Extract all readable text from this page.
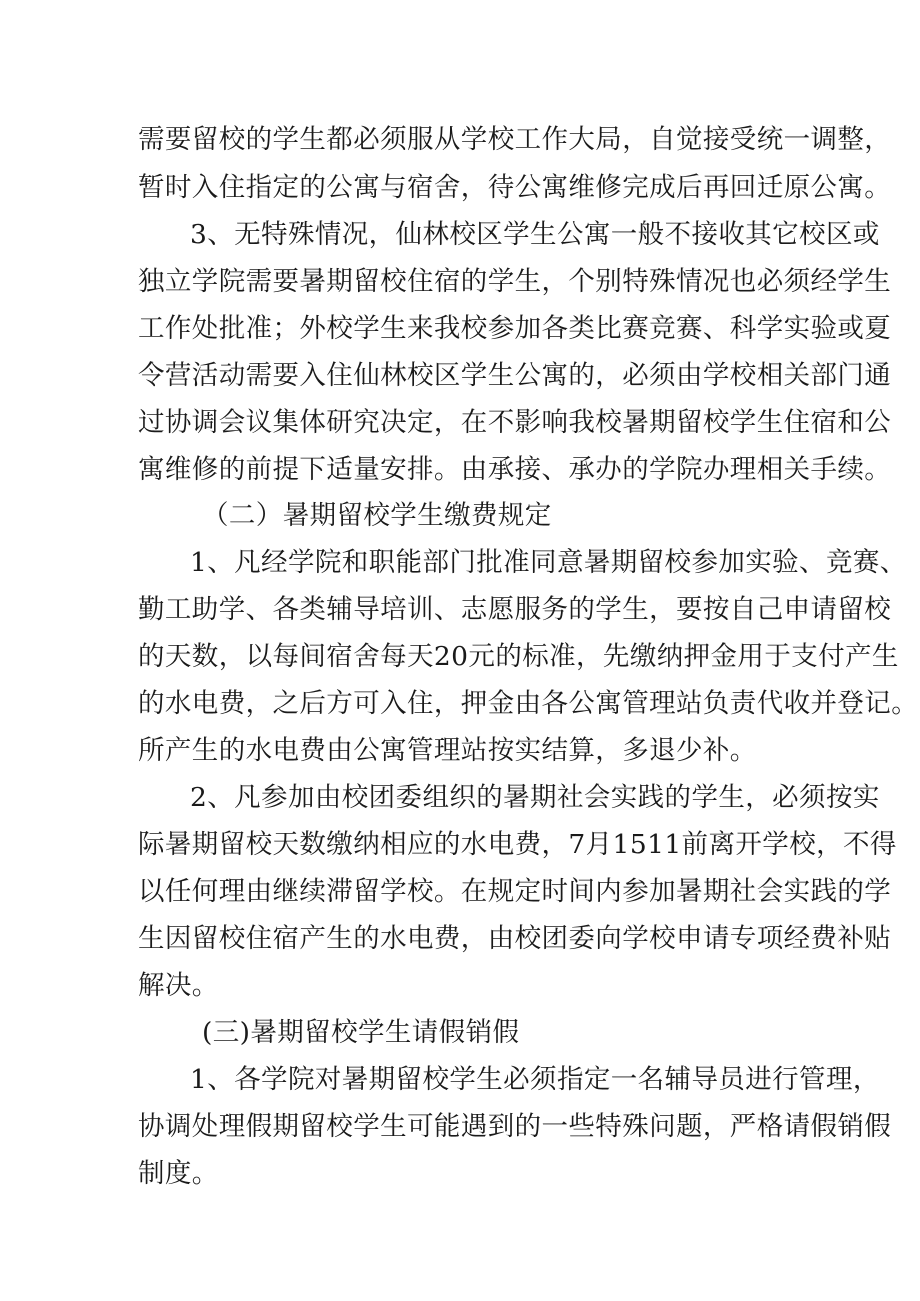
需要留校的学生都必须服从学校工作大局，自觉接受统一调整，
暂时入住指定的公寓与宿舍，待公寓维修完成后再回迁原公寓。
3、无特殊情况，仙林校区学生公寓一般不接收其它校区或
独立学院需要暑期留校住宿的学生，个别特殊情况也必须经学生
工作处批准；外校学生来我校参加各类比赛竞赛、科学实验或夏
令营活动需要入住仙林校区学生公寓的，必须由学校相关部门通
过协调会议集体研究决定，在不影响我校暑期留校学生住宿和公
寓维修的前提下适量安排。由承接、承办的学院办理相关手续。
（二）暑期留校学生缴费规定
1、凡经学院和职能部门批准同意暑期留校参加实验、竞赛、
勤工助学、各类辅导培训、志愿服务的学生，要按自己申请留校
的天数，以每间宿舍每天20元的标准，先缴纳押金用于支付产生
的水电费，之后方可入住，押金由各公寓管理站负责代收并登记。
所产生的水电费由公寓管理站按实结算，多退少补。
2、凡参加由校团委组织的暑期社会实践的学生，必须按实
际暑期留校天数缴纳相应的水电费，7月1511前离开学校，不得
以任何理由继续滞留学校。在规定时间内参加暑期社会实践的学
生因留校住宿产生的水电费，由校团委向学校申请专项经费补贴
解决。
(三)暑期留校学生请假销假
1、各学院对暑期留校学生必须指定一名辅导员进行管理，
协调处理假期留校学生可能遇到的一些特殊问题，严格请假销假
制度。
